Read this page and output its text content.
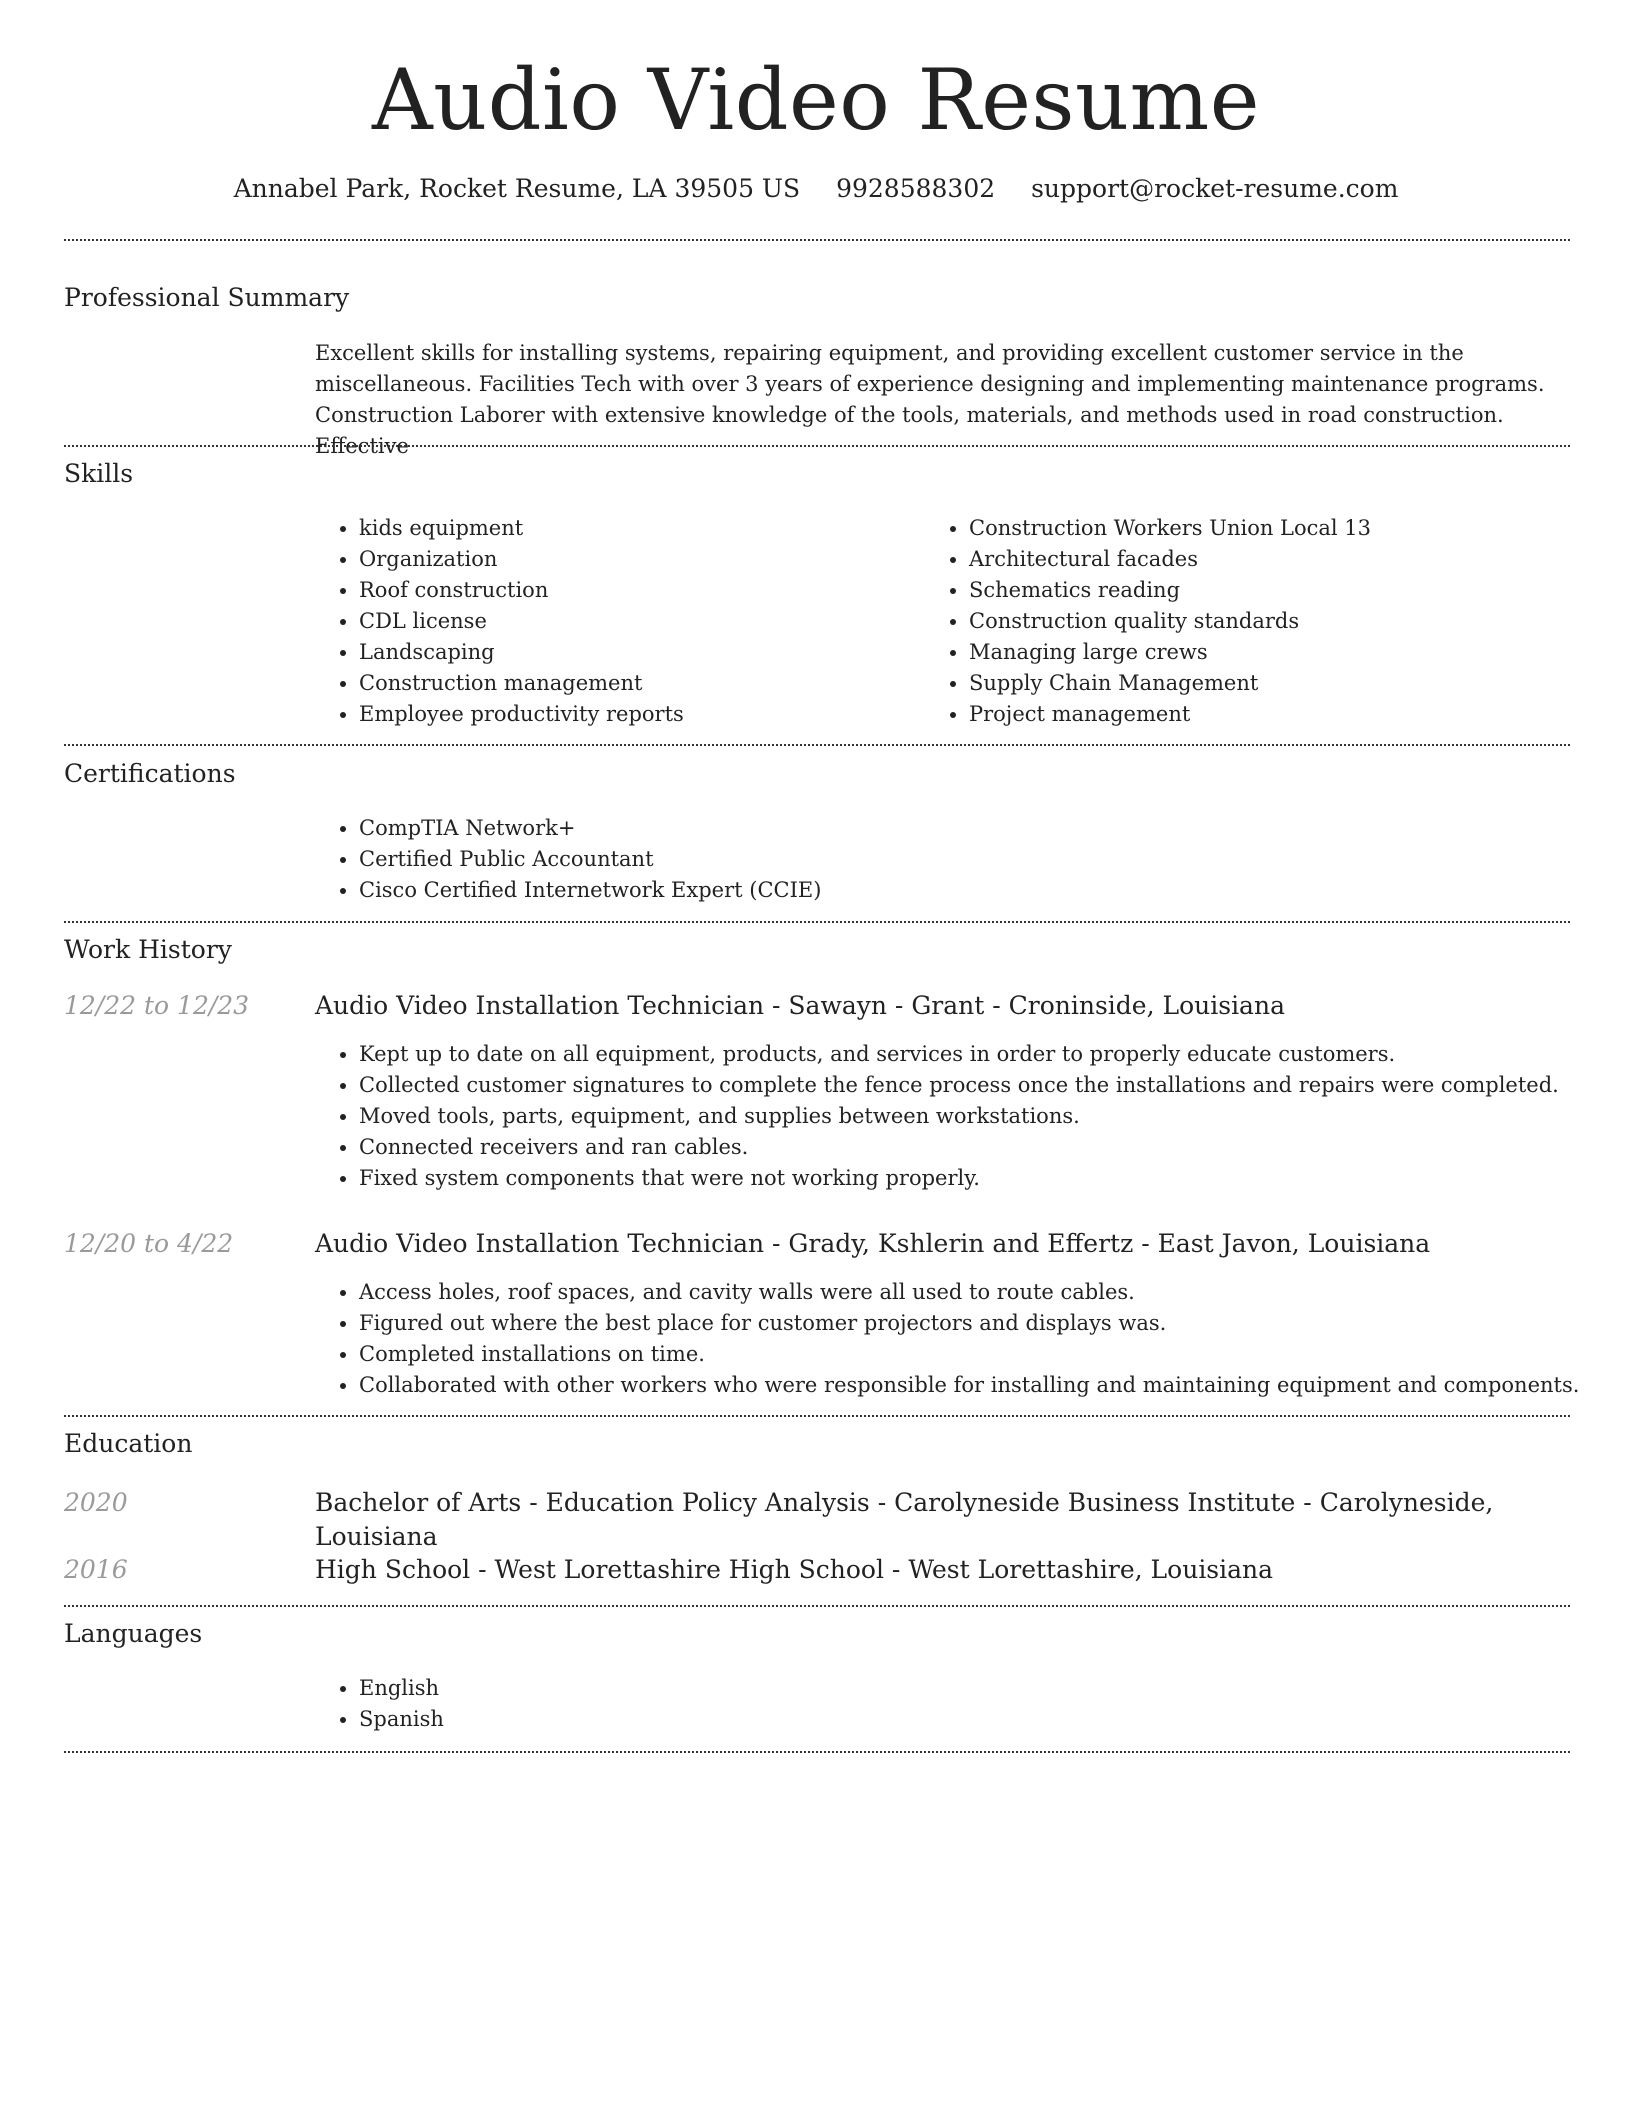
Audio Video Resume
Annabel Park, Rocket Resume, LA 39505 US 9928588302 support@rocket-resume.com
Professional Summary

Excellent skills for installing systems, repairing equipment, and providing excellent customer service in the miscellaneous. Facilities Tech with over 3 years of experience designing and implementing maintenance programs. Construction Laborer with extensive knowledge of the tools, materials, and methods used in road construction. Effective

Skills
• kids equipment
• Organization
• Roof construction
• CDL license
• Landscaping
• Construction management
• Employee productivity reports
• Construction Workers Union Local 13
• Architectural facades
• Schematics reading
• Construction quality standards
• Managing large crews
• Supply Chain Management
• Project management
Certifications
• CompTIA Network+
• Certified Public Accountant
• Cisco Certified Internetwork Expert (CCIE)
Work History
12/22 to 12/23	Audio Video Installation Technician - Sawayn - Grant - Croninside, Louisiana
• Kept up to date on all equipment, products, and services in order to properly educate customers.
• Collected customer signatures to complete the fence process once the installations and repairs were completed.
• Moved tools, parts, equipment, and supplies between workstations.
• Connected receivers and ran cables.
• Fixed system components that were not working properly.
12/20 to 4/22	Audio Video Installation Technician - Grady, Kshlerin and Effertz - East Javon, Louisiana
• Access holes, roof spaces, and cavity walls were all used to route cables.
• Figured out where the best place for customer projectors and displays was.
• Completed installations on time.
• Collaborated with other workers who were responsible for installing and maintaining equipment and components.
Education
2020	Bachelor of Arts - Education Policy Analysis - Carolyneside Business Institute - Carolyneside, Louisiana
2016	High School - West Lorettashire High School - West Lorettashire, Louisiana
Languages
• English
• Spanish
